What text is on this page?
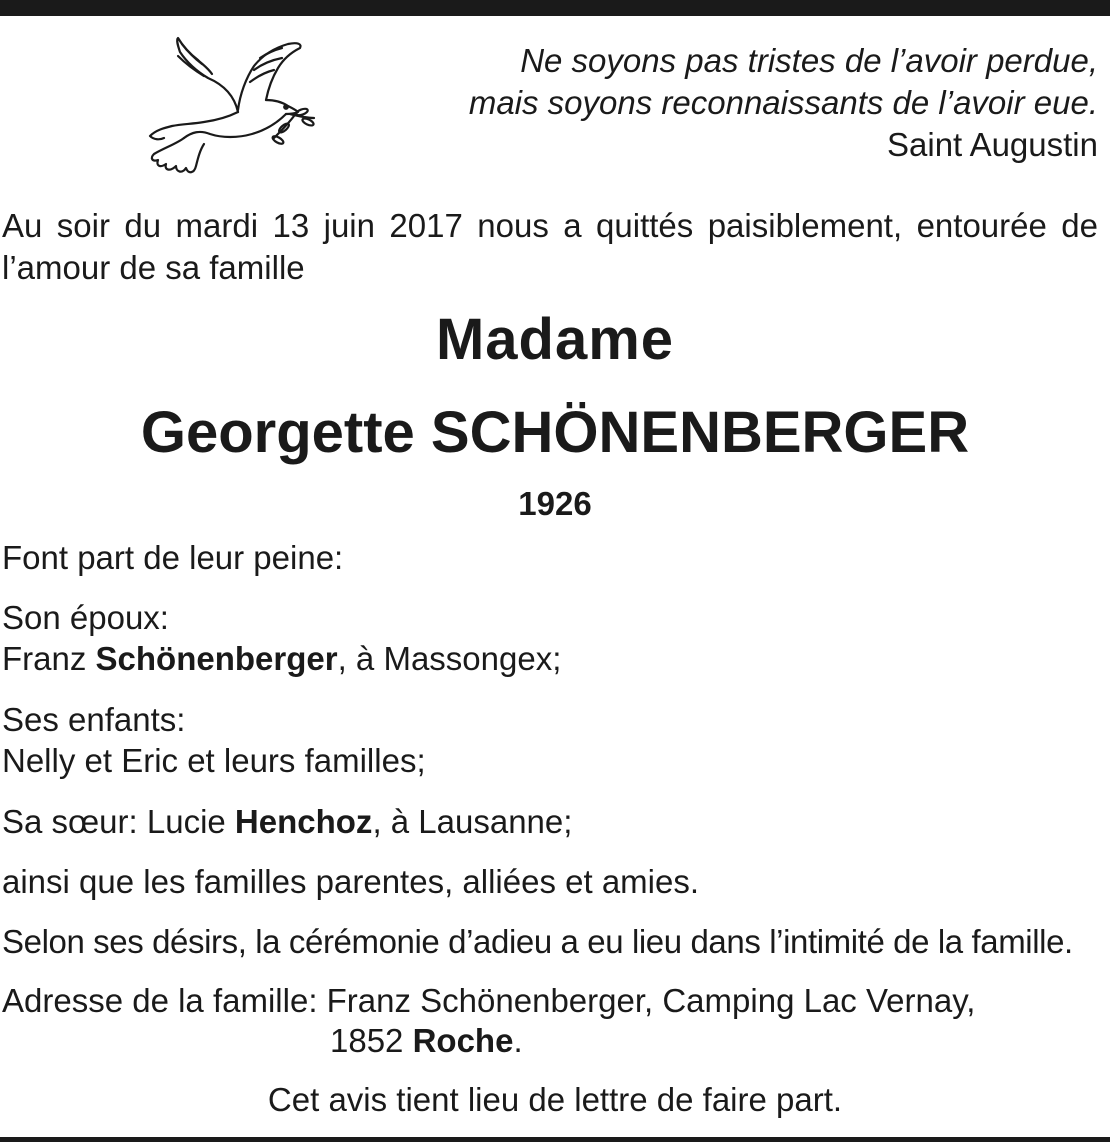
Ne soyons pas tristes de l’avoir perdue,
mais soyons reconnaissants de l’avoir eue.
Saint Augustin
Au soir du mardi 13 juin 2017 nous a quittés paisiblement, entourée de l’amour de sa famille
Madame
Georgette SCHÖNENBERGER
1926
Font part de leur peine:
Son époux:
Franz Schönenberger, à Massongex;
Ses enfants:
Nelly et Eric et leurs familles;
Sa sœur: Lucie Henchoz, à Lausanne;
ainsi que les familles parentes, alliées et amies.
Selon ses désirs, la cérémonie d’adieu a eu lieu dans l’intimité de la famille.
Adresse de la famille: Franz Schönenberger, Camping Lac Vernay,
1852 Roche.
Cet avis tient lieu de lettre de faire part.
